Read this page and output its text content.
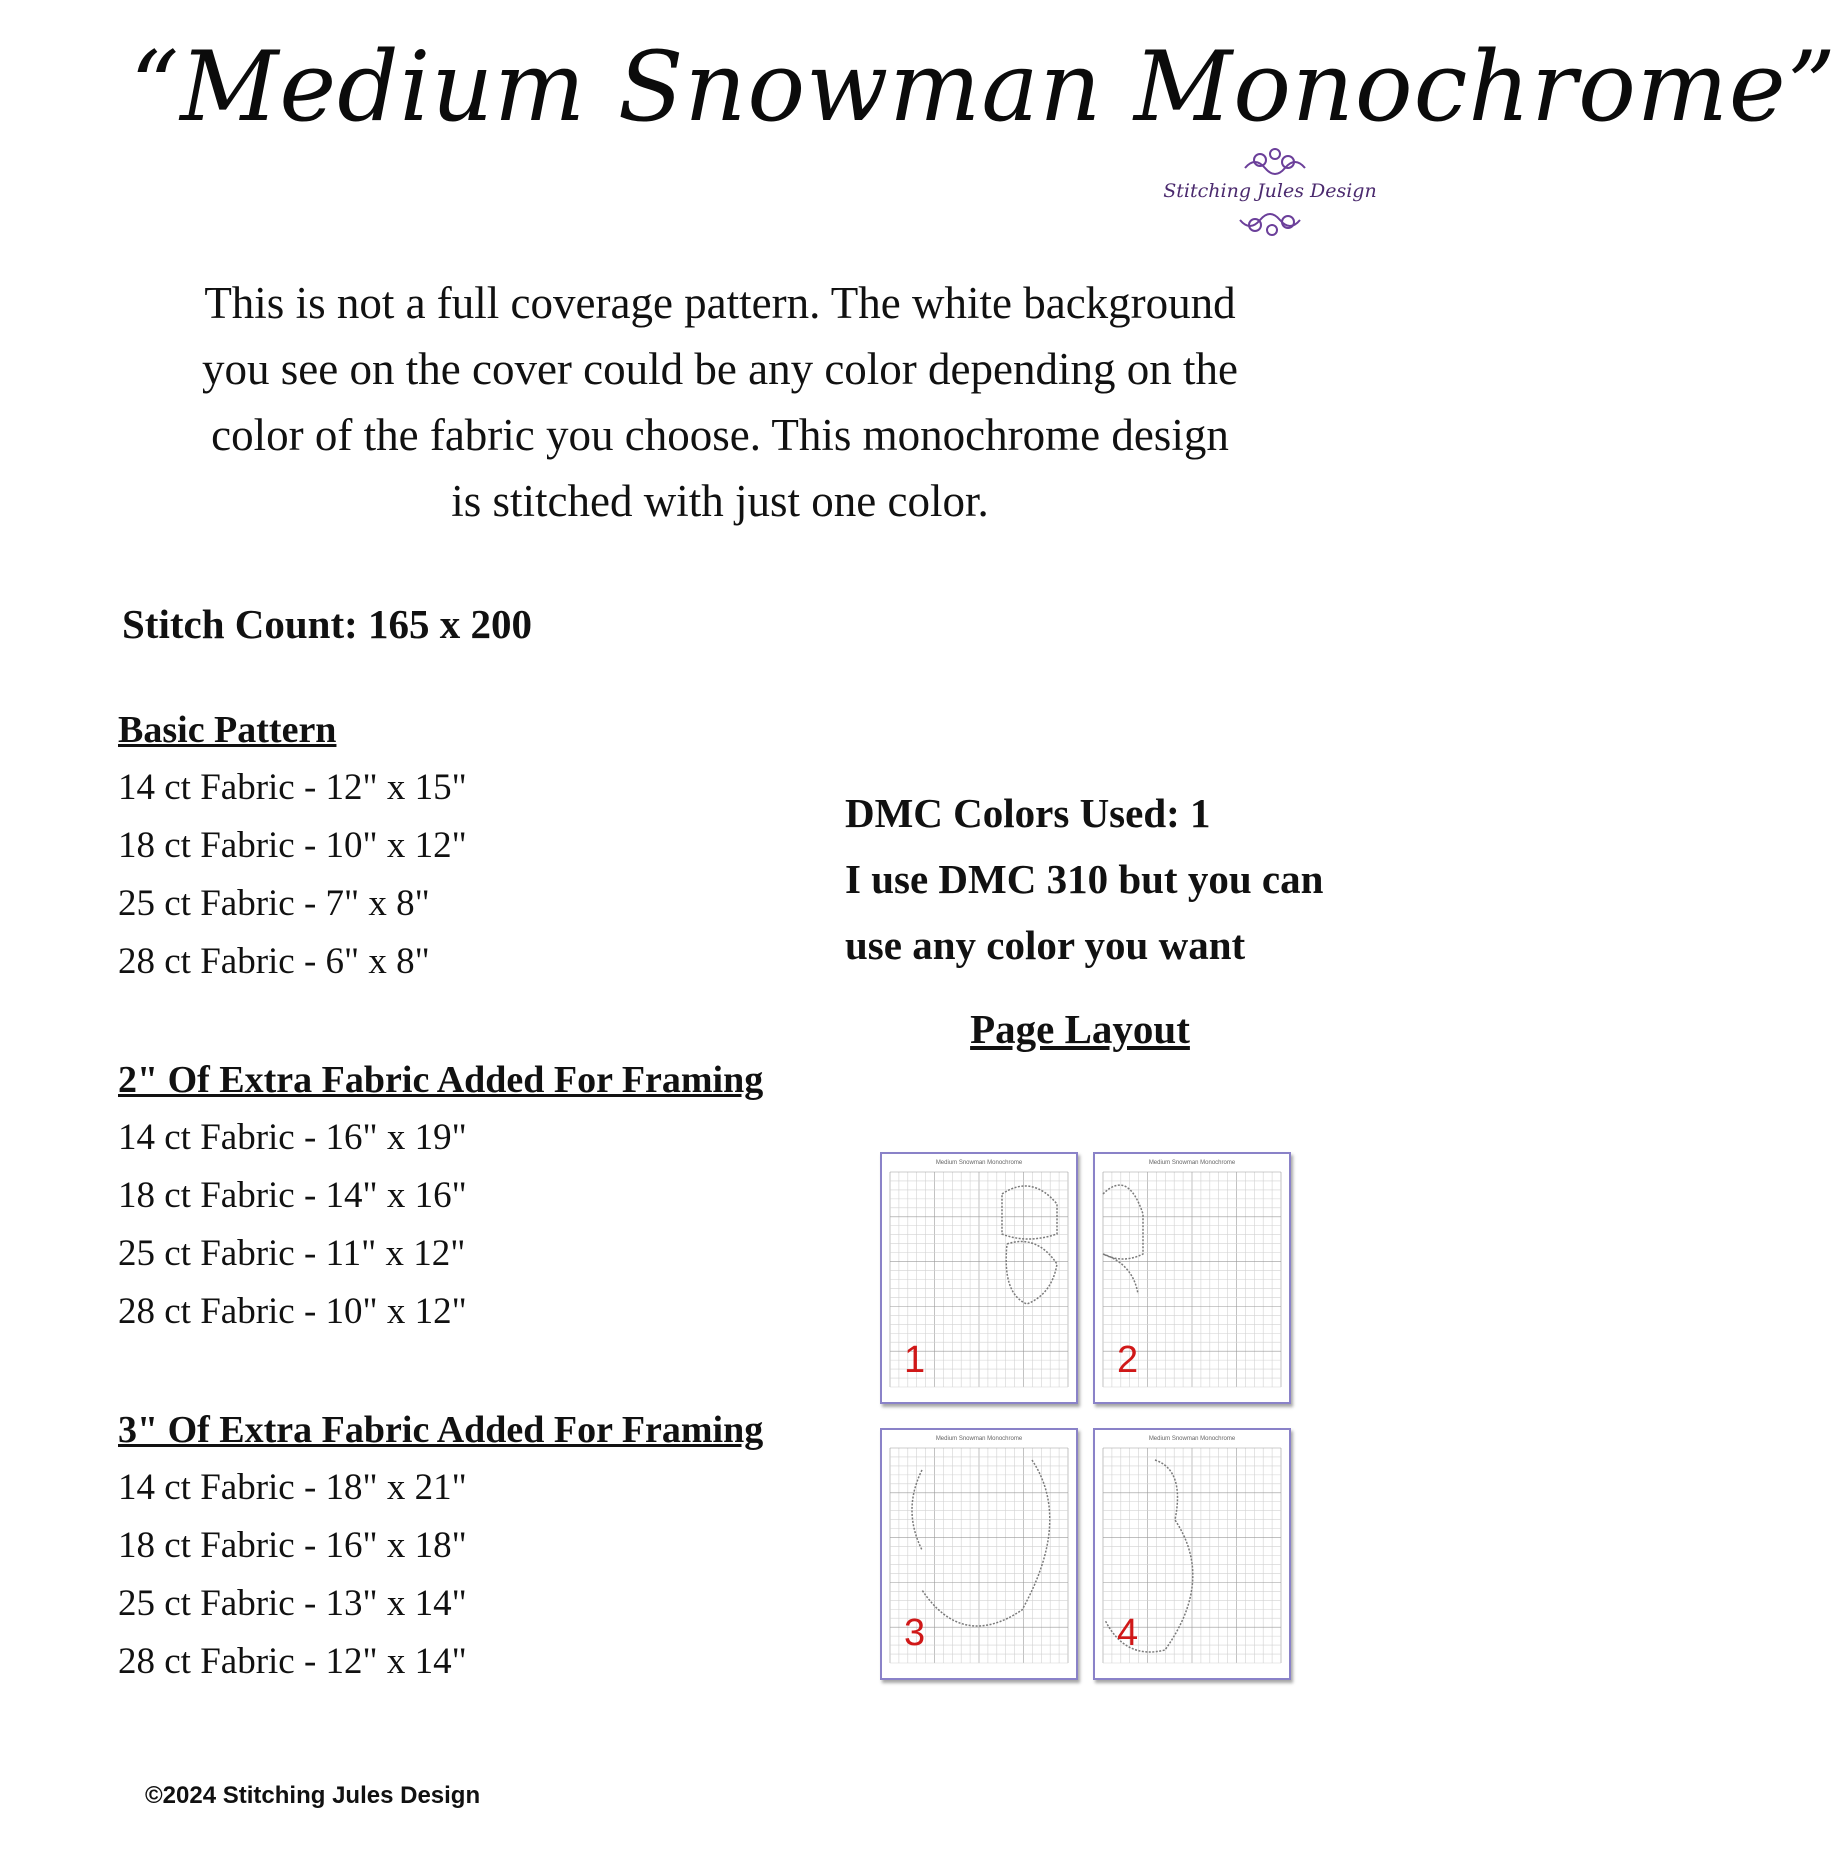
“Medium Snowman Monochrome”
Stitching Jules Design
This is not a full coverage pattern. The white background
you see on the cover could be any color depending on the
color of the fabric you choose. This monochrome design
is stitched with just one color.
Stitch Count: 165 x 200
Basic Pattern
14 ct Fabric - 12" x 15"
18 ct Fabric - 10" x 12"
25 ct Fabric - 7" x 8"
28 ct Fabric - 6" x 8"
2" Of Extra Fabric Added For Framing
14 ct Fabric - 16" x 19"
18 ct Fabric - 14" x 16"
25 ct Fabric - 11" x 12"
28 ct Fabric - 10" x 12"
3" Of Extra Fabric Added For Framing
14 ct Fabric - 18" x 21"
18 ct Fabric - 16" x 18"
25 ct Fabric - 13" x 14"
28 ct Fabric - 12" x 14"
DMC Colors Used: 1
I use DMC 310 but you can
use any color you want
Page Layout
Medium Snowman Monochrome
1
Medium Snowman Monochrome
2
Medium Snowman Monochrome
3
Medium Snowman Monochrome
4
©2024 Stitching Jules Design
